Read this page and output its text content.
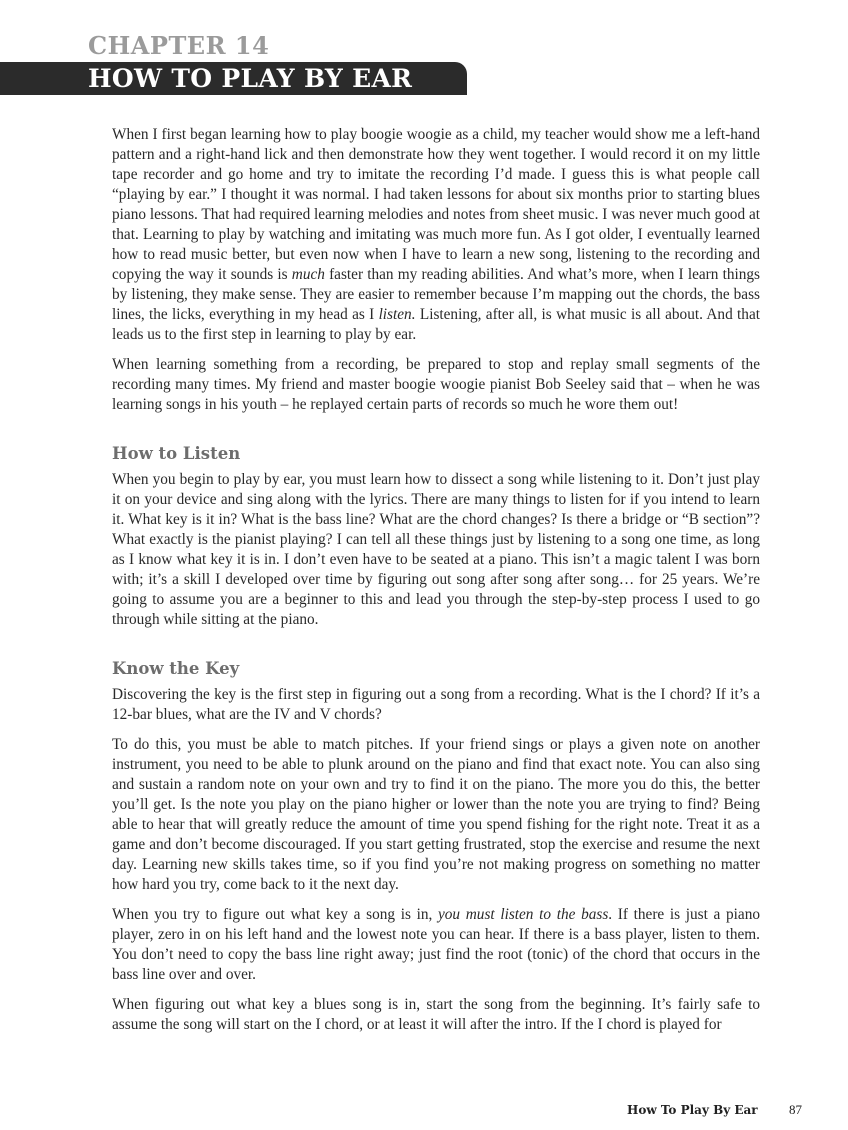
CHAPTER 14
HOW TO PLAY BY EAR

When I first began learning how to play boogie woogie as a child, my teacher would show me a left-hand pattern and a right-hand lick and then demonstrate how they went together. I would record it on my little tape recorder and go home and try to imitate the recording I’d made. I guess this is what people call “playing by ear.” I thought it was normal. I had taken lessons for about six months prior to starting blues piano lessons. That had required learning melodies and notes from sheet music. I was never much good at that. Learning to play by watching and imitating was much more fun. As I got older, I eventually learned how to read music better, but even now when I have to learn a new song, listening to the recording and copying the way it sounds is much faster than my reading abilities. And what’s more, when I learn things by listening, they make sense. They are easier to remember because I’m mapping out the chords, the bass lines, the licks, everything in my head as I listen. Listening, after all, is what music is all about. And that leads us to the first step in learning to play by ear.

When learning something from a recording, be prepared to stop and replay small segments of the recording many times. My friend and master boogie woogie pianist Bob Seeley said that – when he was learning songs in his youth – he replayed certain parts of records so much he wore them out!

How to Listen

When you begin to play by ear, you must learn how to dissect a song while listening to it. Don’t just play it on your device and sing along with the lyrics. There are many things to listen for if you intend to learn it. What key is it in? What is the bass line? What are the chord changes? Is there a bridge or “B section”? What exactly is the pianist playing? I can tell all these things just by listening to a song one time, as long as I know what key it is in. I don’t even have to be seated at a piano. This isn’t a magic talent I was born with; it’s a skill I developed over time by figuring out song after song after song… for 25 years. We’re going to assume you are a beginner to this and lead you through the step-by-step process I used to go through while sitting at the piano.

Know the Key

Discovering the key is the first step in figuring out a song from a recording. What is the I chord? If it’s a 12-bar blues, what are the IV and V chords?

To do this, you must be able to match pitches. If your friend sings or plays a given note on another instrument, you need to be able to plunk around on the piano and find that exact note. You can also sing and sustain a random note on your own and try to find it on the piano. The more you do this, the better you’ll get. Is the note you play on the piano higher or lower than the note you are trying to find? Being able to hear that will greatly reduce the amount of time you spend fishing for the right note. Treat it as a game and don’t become discouraged. If you start getting frustrated, stop the exercise and resume the next day. Learning new skills takes time, so if you find you’re not making progress on something no matter how hard you try, come back to it the next day.

When you try to figure out what key a song is in, you must listen to the bass. If there is just a piano player, zero in on his left hand and the lowest note you can hear. If there is a bass player, listen to them. You don’t need to copy the bass line right away; just find the root (tonic) of the chord that occurs in the bass line over and over.

When figuring out what key a blues song is in, start the song from the beginning. It’s fairly safe to assume the song will start on the I chord, or at least it will after the intro. If the I chord is played for

How To Play By Ear 87
